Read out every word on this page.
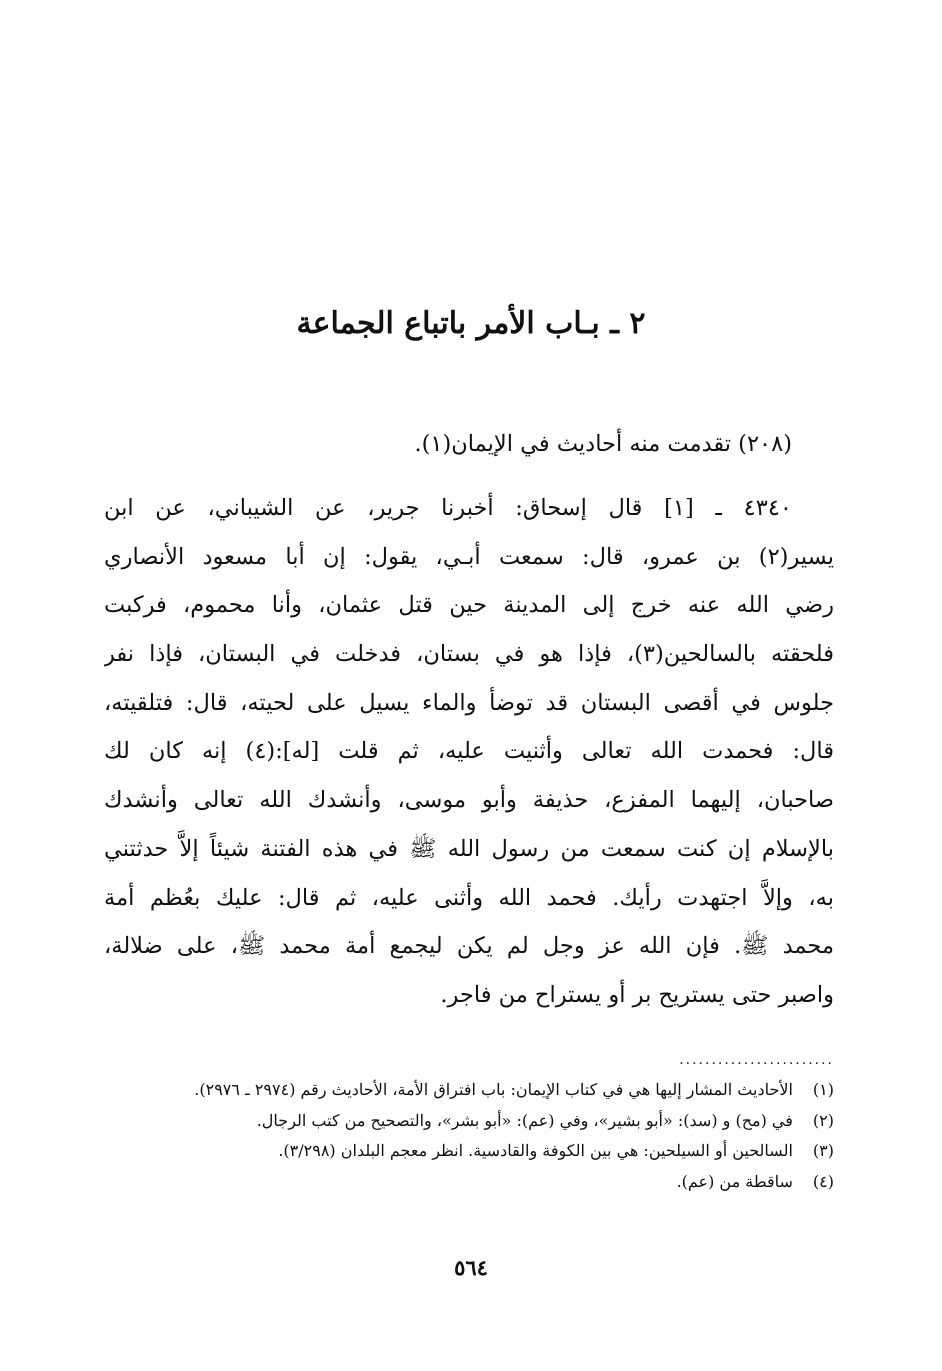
٢ ـ بـاب الأمر باتباع الجماعة

(٢٠٨) تقدمت منه أحاديث في الإيمان(١).

٤٣٤٠ ـ [١] قال إسحاق: أخبرنا جرير، عن الشيباني، عن ابن
يسير(٢) بن عمرو، قال: سمعت أبـي، يقول: إن أبا مسعود الأنصاري
رضي الله عنه خرج إلى المدينة حين قتل عثمان، وأنا محموم، فركبت
فلحقته بالسالحين(٣)، فإذا هو في بستان، فدخلت في البستان، فإذا نفر
جلوس في أقصى البستان قد توضأ والماء يسيل على لحيته، قال: فتلقيته،
قال: فحمدت الله تعالى وأثنيت عليه، ثم قلت [له]:(٤) إنه كان لك
صاحبان، إليهما المفزع، حذيفة وأبو موسى، وأنشدك الله تعالى وأنشدك
بالإسلام إن كنت سمعت من رسول الله ﷺ في هذه الفتنة شيئاً إلاَّ حدثتني
به، وإلاَّ اجتهدت رأيك. فحمد الله وأثنى عليه، ثم قال: عليك بعُظم أمة
محمد ﷺ. فإن الله عز وجل لم يكن ليجمع أمة محمد ﷺ، على ضلالة،
واصبر حتى يستريح بر أو يستراح من فاجر.
........................
(١) الأحاديث المشار إليها هي في كتاب الإيمان: باب افتراق الأمة، الأحاديث رقم (٢٩٧٤ ـ ٢٩٧٦).
(٢) في (مح) و (سد): «أبو بشير»، وفي (عم): «أبو بشر»، والتصحيح من كتب الرجال.
(٣) السالحين أو السيلحين: هي بين الكوفة والقادسية. انظر معجم البلدان (٣/٢٩٨).
(٤) ساقطة من (عم).
٥٦٤
